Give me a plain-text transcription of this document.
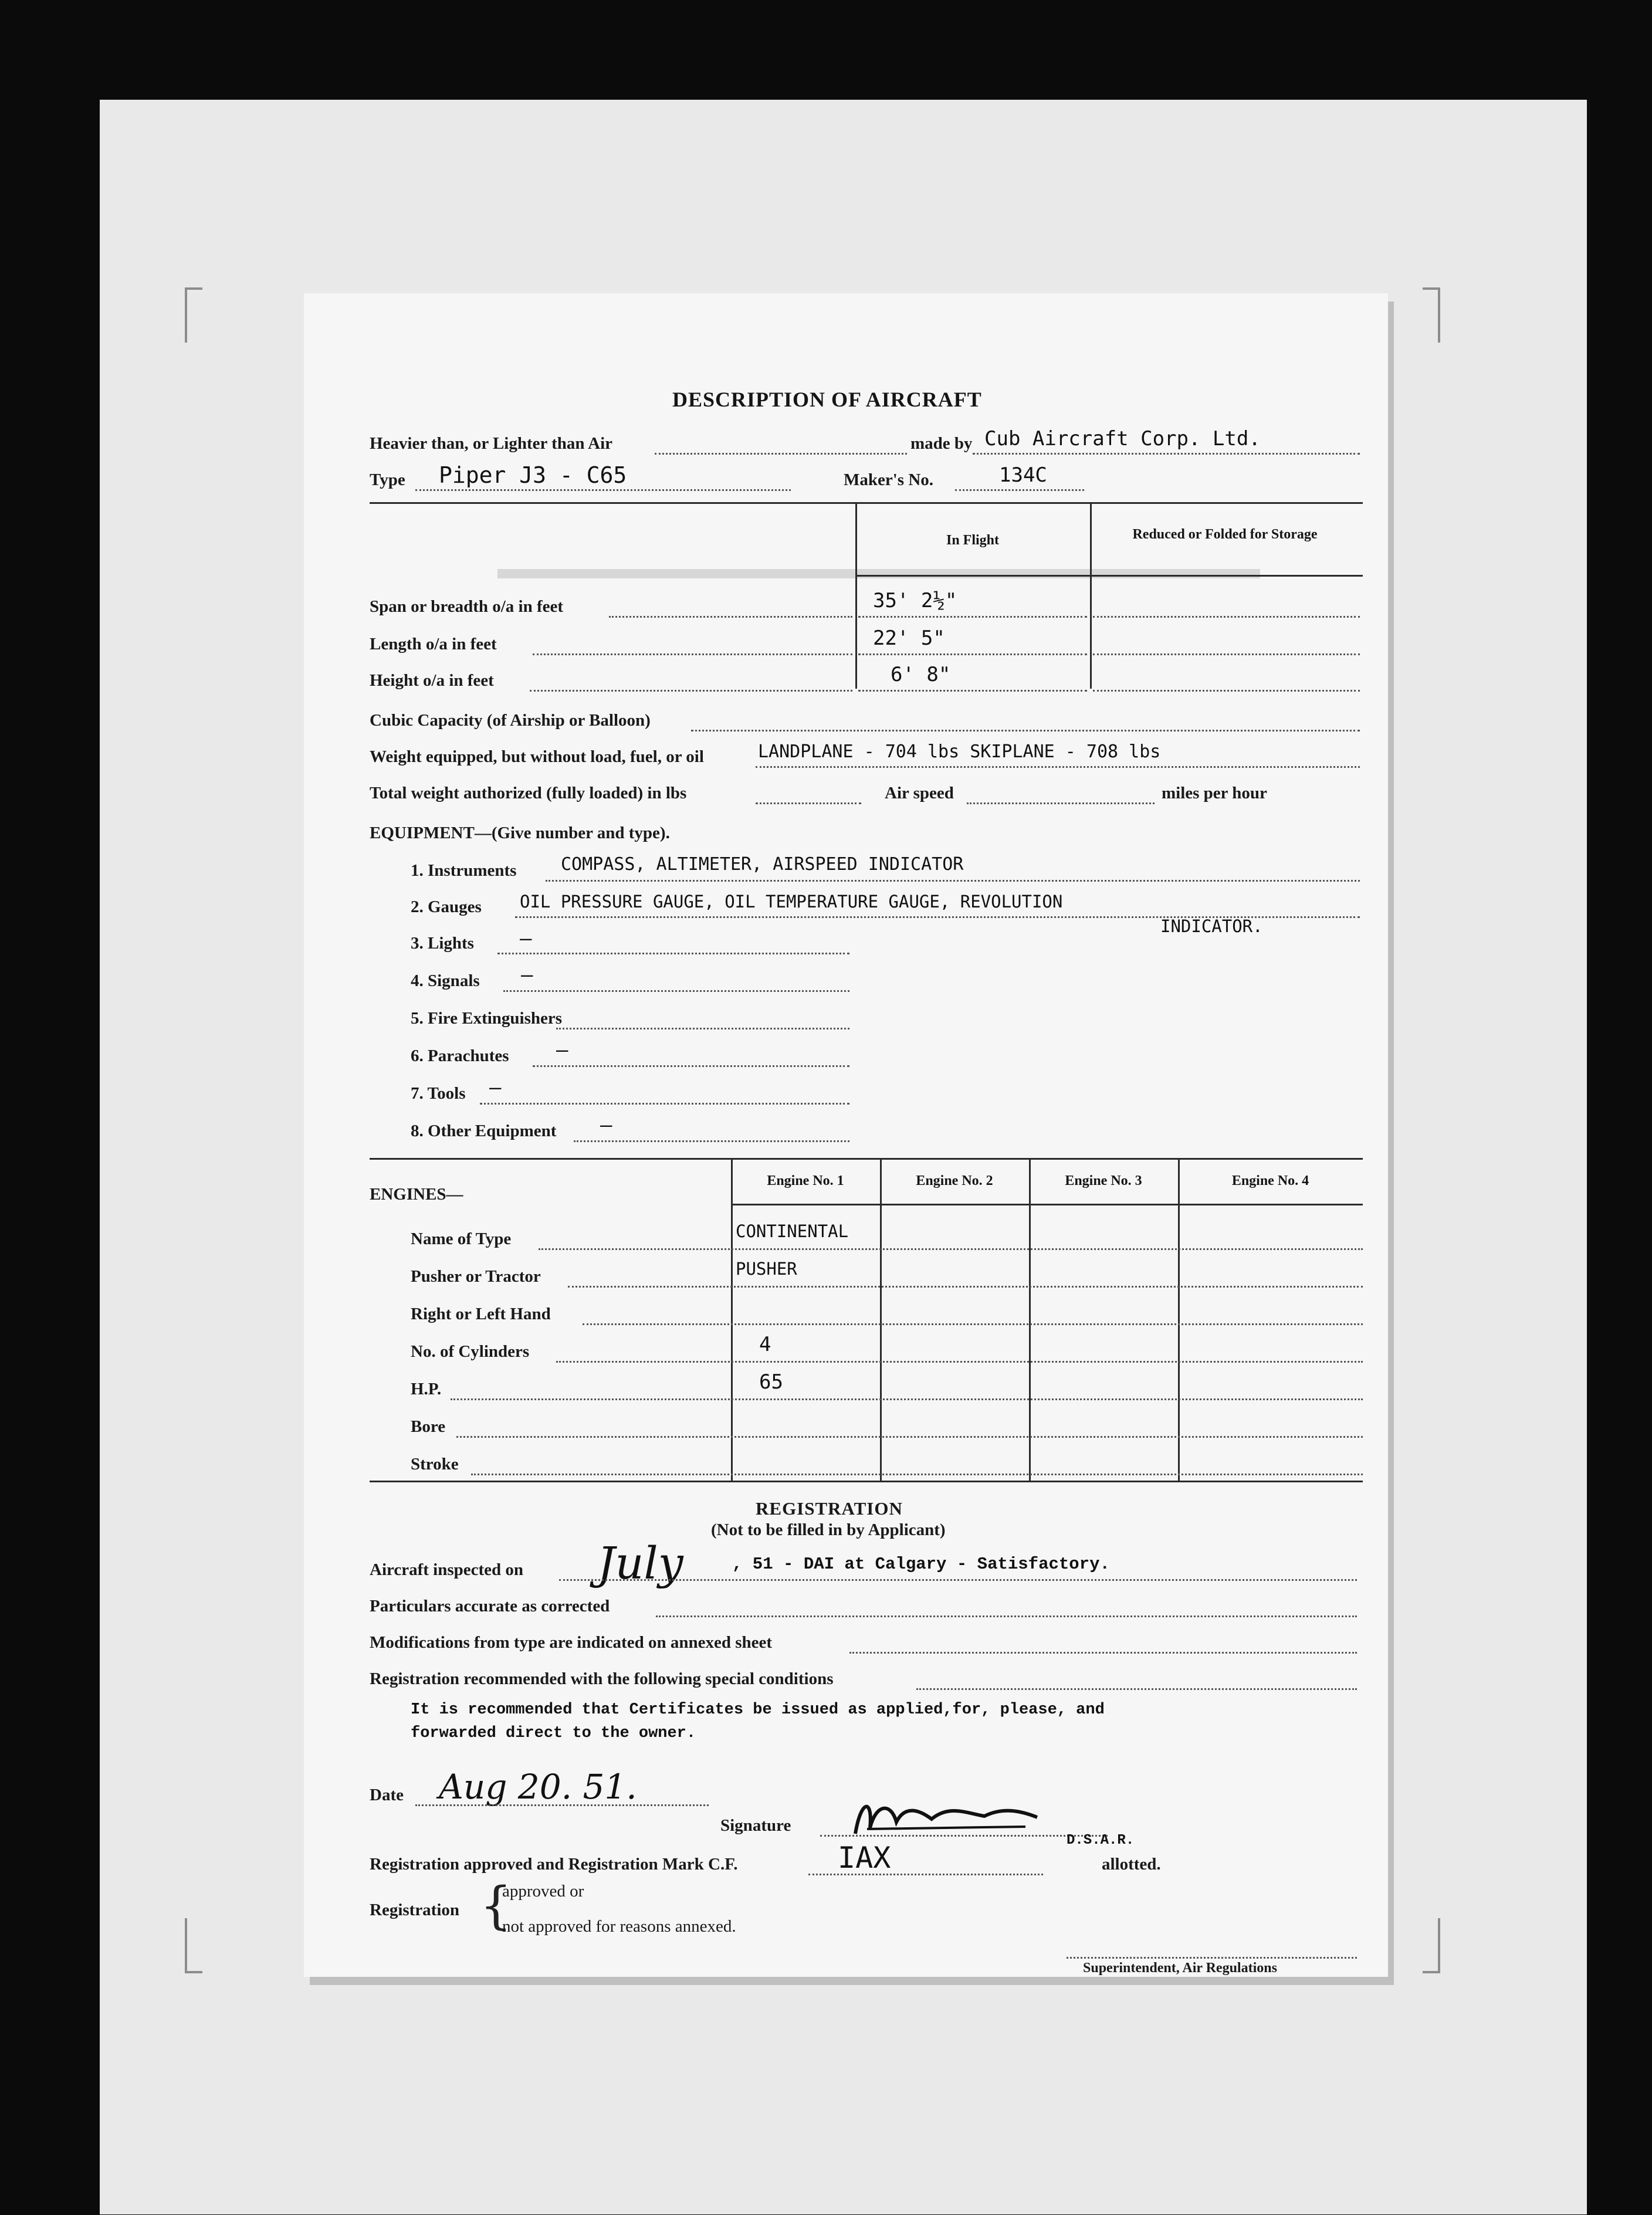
DESCRIPTION OF AIRCRAFT
Heavier than, or Lighter than Air	made by Cub Aircraft Corp. Ltd.
Type Piper J3 - C65	Maker's No.	134C
In Flight	Reduced or Folded for Storage
Span or breadth o/a in feet	35' 2½"
Length o/a in feet	22' 5"
Height o/a in feet	6' 8"
Cubic Capacity (of Airship or Balloon)
Weight equipped, but without load, fuel, or oil	LANDPLANE - 704 lbs SKIPLANE - 708 lbs
Total weight authorized (fully loaded) in lbs	Air speed	miles per hour
EQUIPMENT—(Give number and type).
1. Instruments	COMPASS, ALTIMETER, AIRSPEED INDICATOR
2. Gauges OIL PRESSURE GAUGE, OIL TEMPERATURE GAUGE, REVOLUTION
INDICATOR.
3. Lights —
4. Signals —
5. Fire Extinguishers
6. Parachutes —
7. Tools —
8. Other Equipment —
Engine No. 1	Engine No. 2	Engine No. 3	Engine No. 4
ENGINES—
Name of Type	CONTINENTAL
Pusher or Tractor	PUSHER
Right or Left Hand
No. of Cylinders	4
H.P.	65
Bore
Stroke
REGISTRATION
(Not to be filled in by Applicant)
Aircraft inspected on July	, 51 - DAI at Calgary - Satisfactory.
Particulars accurate as corrected
Modifications from type are indicated on annexed sheet
Registration recommended with the following special conditions
It is recommended that Certificates be issued as applied,for, please, and
forwarded direct to the owner.
Date Aug 20. 51.
Signature
D.S.A.R.
Registration approved and Registration Mark C.F.	IAX	allotted.
Registration {
approved or
not approved for reasons annexed.
Superintendent, Air Regulations
